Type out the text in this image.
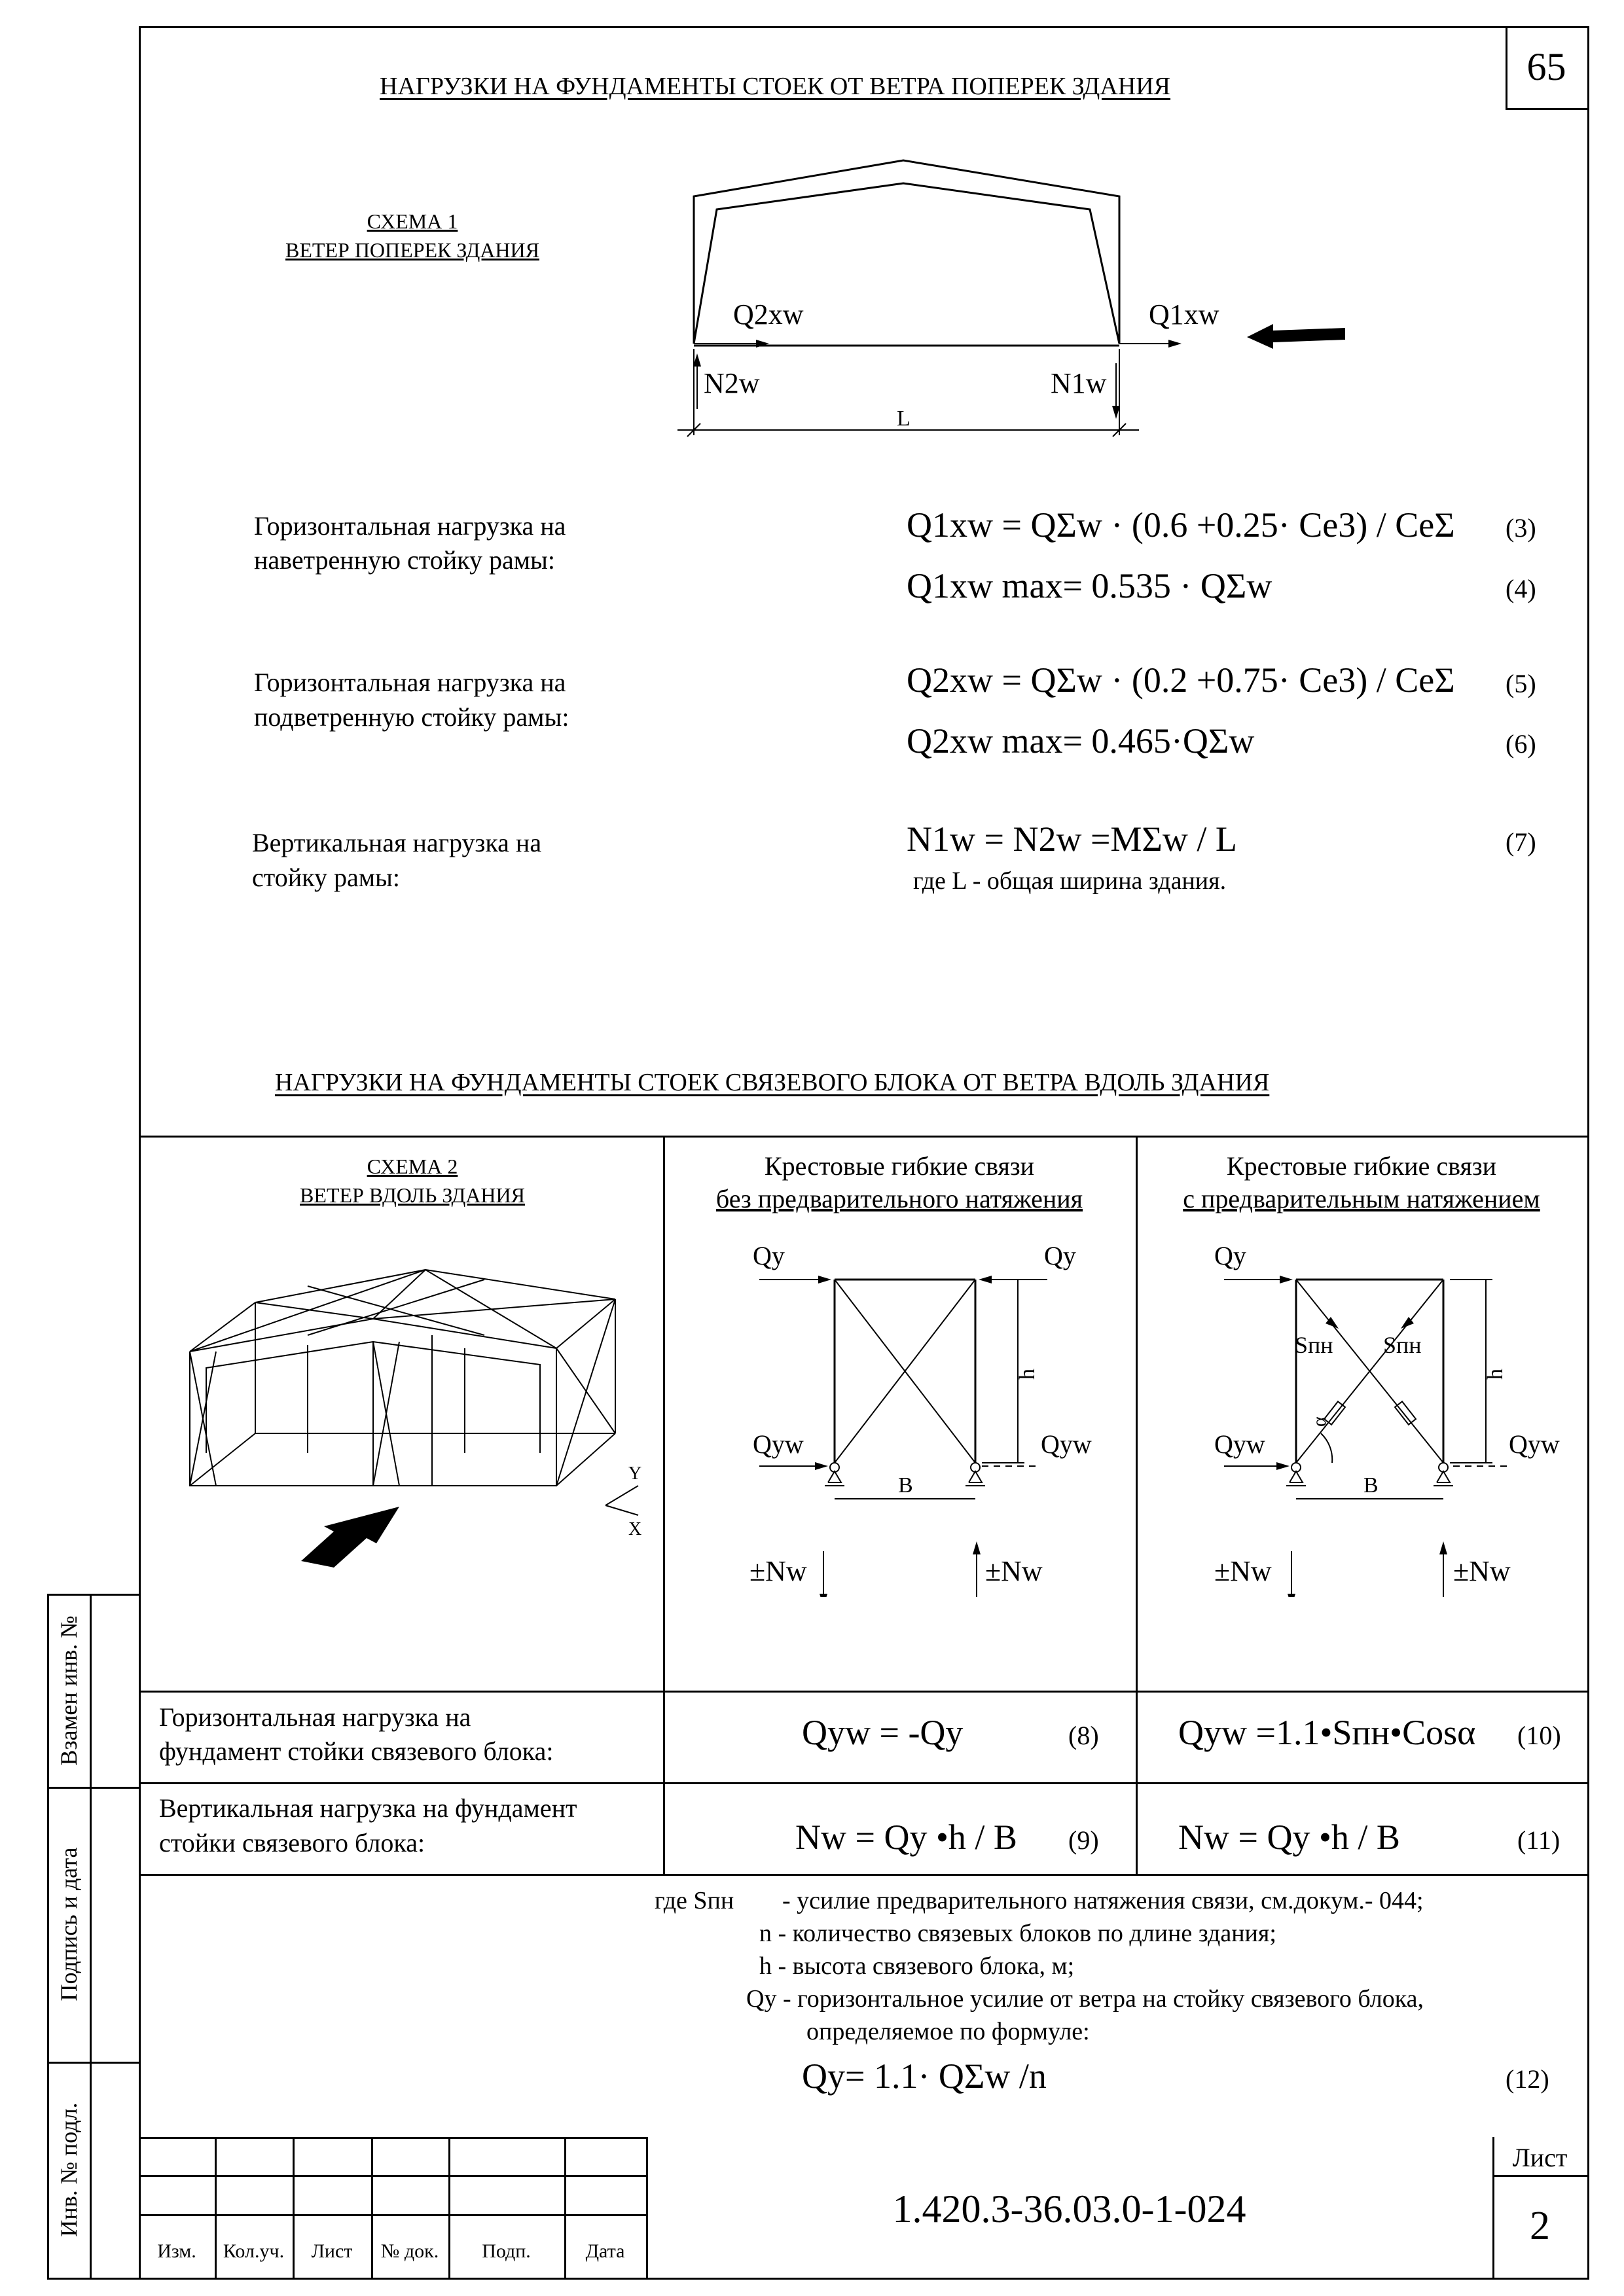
65
НАГРУЗКИ НА ФУНДАМЕНТЫ СТОЕК ОТ ВЕТРА ПОПЕРЕК ЗДАНИЯ
СХЕМА 1
ВЕТЕР ПОПЕРЕК ЗДАНИЯ
Q2xw	Q1xw
N2w	N1w
L
Горизонтальная нагрузка на
наветренную стойку рамы:
Q1xw = QΣw · (0.6 +0.25· Cе3) / CеΣ (3)
Q1xw max= 0.535 · QΣw	(4)
Горизонтальная нагрузка на
подветренную стойку рамы:
Q2xw = QΣw · (0.2 +0.75· Cе3) / CеΣ (5)
Q2xw max= 0.465·QΣw	(6)
Вертикальная нагрузка на
стойку рамы:
N1w = N2w =MΣw / L	(7)
где L - общая ширина здания.
НАГРУЗКИ НА ФУНДАМЕНТЫ СТОЕК СВЯЗЕВОГО БЛОКА ОТ ВЕТРА ВДОЛЬ ЗДАНИЯ
СХЕМА 2
ВЕТЕР ВДОЛЬ ЗДАНИЯ
Y
X
Крестовые гибкие связи
без предварительного натяжения
Qy	Qy
Qyw	Qyw
h
B
±Nw	±Nw
Крестовые гибкие связи
с предварительным натяжением
Qy
Qyw	Qyw
Sпн Sпн
α
h
B
±Nw	±Nw
Горизонтальная нагрузка на
фундамент стойки связевого блока:	Qyw = -Qy	(8) Qyw =1.1•Sпн•Cosα (10)
Вертикальная нагрузка на фундамент
стойки связевого блока:	Nw = Qy •h / B (9) Nw = Qy •h / B	(11)
где Sпн - усилие предварительного натяжения связи, см.докум.- 044;
n - количество связевых блоков по длине здания;
h - высота связевого блока, м;
Qy - горизонтальное усилие от ветра на стойку связевого блока,
определяемое по формуле:
Qy= 1.1· QΣw /n	(12)
Взамен инв. №
Подпись и дата
Инв. № подл.
Изм.	Кол.уч.	Лист	№ док.	Подп.	Дата
1.420.3-36.03.0-1-024
Лист
2
